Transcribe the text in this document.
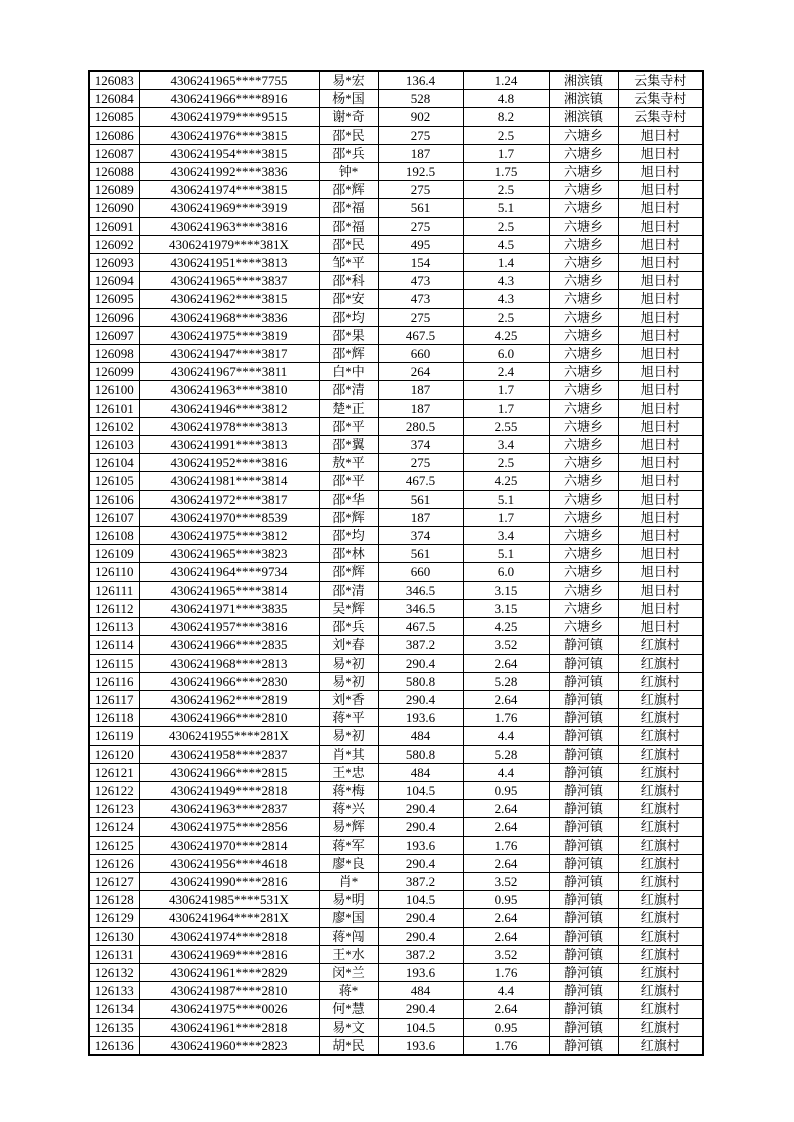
126083	4306241965****7755	易*宏	136.4	1.24	湘滨镇	云集寺村
126084	4306241966****8916	杨*国	528	4.8	湘滨镇	云集寺村
126085	4306241979****9515	谢*奇	902	8.2	湘滨镇	云集寺村
126086	4306241976****3815	邵*民	275	2.5	六塘乡	旭日村
126087	4306241954****3815	邵*兵	187	1.7	六塘乡	旭日村
126088	4306241992****3836	钟*	192.5	1.75	六塘乡	旭日村
126089	4306241974****3815	邵*辉	275	2.5	六塘乡	旭日村
126090	4306241969****3919	邵*福	561	5.1	六塘乡	旭日村
126091	4306241963****3816	邵*福	275	2.5	六塘乡	旭日村
126092	4306241979****381X	邵*民	495	4.5	六塘乡	旭日村
126093	4306241951****3813	邹*平	154	1.4	六塘乡	旭日村
126094	4306241965****3837	邵*科	473	4.3	六塘乡	旭日村
126095	4306241962****3815	邵*安	473	4.3	六塘乡	旭日村
126096	4306241968****3836	邵*均	275	2.5	六塘乡	旭日村
126097	4306241975****3819	邵*果	467.5	4.25	六塘乡	旭日村
126098	4306241947****3817	邵*辉	660	6.0	六塘乡	旭日村
126099	4306241967****3811	白*中	264	2.4	六塘乡	旭日村
126100	4306241963****3810	邵*清	187	1.7	六塘乡	旭日村
126101	4306241946****3812	楚*正	187	1.7	六塘乡	旭日村
126102	4306241978****3813	邵*平	280.5	2.55	六塘乡	旭日村
126103	4306241991****3813	邵*翼	374	3.4	六塘乡	旭日村
126104	4306241952****3816	敖*平	275	2.5	六塘乡	旭日村
126105	4306241981****3814	邵*平	467.5	4.25	六塘乡	旭日村
126106	4306241972****3817	邵*华	561	5.1	六塘乡	旭日村
126107	4306241970****8539	邵*辉	187	1.7	六塘乡	旭日村
126108	4306241975****3812	邵*均	374	3.4	六塘乡	旭日村
126109	4306241965****3823	邵*林	561	5.1	六塘乡	旭日村
126110	4306241964****9734	邵*辉	660	6.0	六塘乡	旭日村
126111	4306241965****3814	邵*清	346.5	3.15	六塘乡	旭日村
126112	4306241971****3835	吴*辉	346.5	3.15	六塘乡	旭日村
126113	4306241957****3816	邵*兵	467.5	4.25	六塘乡	旭日村
126114	4306241966****2835	刘*春	387.2	3.52	静河镇	红旗村
126115	4306241968****2813	易*初	290.4	2.64	静河镇	红旗村
126116	4306241966****2830	易*初	580.8	5.28	静河镇	红旗村
126117	4306241962****2819	刘*香	290.4	2.64	静河镇	红旗村
126118	4306241966****2810	蒋*平	193.6	1.76	静河镇	红旗村
126119	4306241955****281X	易*初	484	4.4	静河镇	红旗村
126120	4306241958****2837	肖*其	580.8	5.28	静河镇	红旗村
126121	4306241966****2815	王*忠	484	4.4	静河镇	红旗村
126122	4306241949****2818	蒋*梅	104.5	0.95	静河镇	红旗村
126123	4306241963****2837	蒋*兴	290.4	2.64	静河镇	红旗村
126124	4306241975****2856	易*辉	290.4	2.64	静河镇	红旗村
126125	4306241970****2814	蒋*军	193.6	1.76	静河镇	红旗村
126126	4306241956****4618	廖*良	290.4	2.64	静河镇	红旗村
126127	4306241990****2816	肖*	387.2	3.52	静河镇	红旗村
126128	4306241985****531X	易*明	104.5	0.95	静河镇	红旗村
126129	4306241964****281X	廖*国	290.4	2.64	静河镇	红旗村
126130	4306241974****2818	蒋*闯	290.4	2.64	静河镇	红旗村
126131	4306241969****2816	王*水	387.2	3.52	静河镇	红旗村
126132	4306241961****2829	闵*兰	193.6	1.76	静河镇	红旗村
126133	4306241987****2810	蒋*	484	4.4	静河镇	红旗村
126134	4306241975****0026	何*慧	290.4	2.64	静河镇	红旗村
126135	4306241961****2818	易*文	104.5	0.95	静河镇	红旗村
126136	4306241960****2823	胡*民	193.6	1.76	静河镇	红旗村
